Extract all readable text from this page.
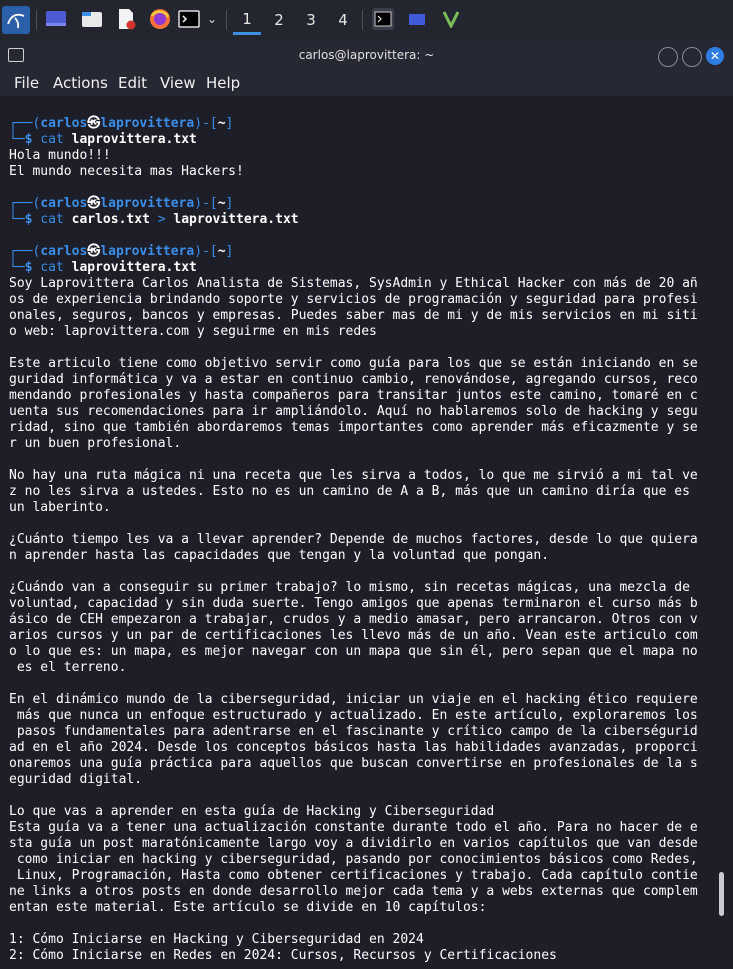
⌄	1	2	3	4
carlos@laprovittera: ~	✕
File Actions Edit View Help
┌──(carlos㉿laprovittera)-[~]
└─$ cat laprovittera.txt
Hola mundo!!!
El mundo necesita mas Hackers!
┌──(carlos㉿laprovittera)-[~]
└─$ cat carlos.txt > laprovittera.txt
┌──(carlos㉿laprovittera)-[~]
└─$ cat laprovittera.txt
Soy Laprovittera Carlos Analista de Sistemas, SysAdmin y Ethical Hacker con más de 20 añ
os de experiencia brindando soporte y servicios de programación y seguridad para profesi
onales, seguros, bancos y empresas. Puedes saber mas de mi y de mis servicios en mi siti
o web: laprovittera.com y seguirme en mis redes
Este articulo tiene como objetivo servir como guía para los que se están iniciando en se
guridad informática y va a estar en continuo cambio, renovándose, agregando cursos, reco
mendando profesionales y hasta compañeros para transitar juntos este camino, tomaré en c
uenta sus recomendaciones para ir ampliándolo. Aquí no hablaremos solo de hacking y segu
ridad, sino que también abordaremos temas importantes como aprender más eficazmente y se
r un buen profesional.
No hay una ruta mágica ni una receta que les sirva a todos, lo que me sirvió a mi tal ve
z no les sirva a ustedes. Esto no es un camino de A a B, más que un camino diría que es
un laberinto.
¿Cuánto tiempo les va a llevar aprender? Depende de muchos factores, desde lo que quiera
n aprender hasta las capacidades que tengan y la voluntad que pongan.
¿Cuándo van a conseguir su primer trabajo? lo mismo, sin recetas mágicas, una mezcla de
voluntad, capacidad y sin duda suerte. Tengo amigos que apenas terminaron el curso más b
ásico de CEH empezaron a trabajar, crudos y a medio amasar, pero arrancaron. Otros con v
arios cursos y un par de certificaciones les llevo más de un año. Vean este articulo com
o lo que es: un mapa, es mejor navegar con un mapa que sin él, pero sepan que el mapa no
es el terreno.
En el dinámico mundo de la ciberseguridad, iniciar un viaje en el hacking ético requiere
más que nunca un enfoque estructurado y actualizado. En este artículo, exploraremos los
pasos fundamentales para adentrarse en el fascinante y crítico campo de la ciberségurid
ad en el año 2024. Desde los conceptos básicos hasta las habilidades avanzadas, proporci
onaremos una guía práctica para aquellos que buscan convertirse en profesionales de la s
eguridad digital.
Lo que vas a aprender en esta guía de Hacking y Ciberseguridad
Esta guía va a tener una actualización constante durante todo el año. Para no hacer de e
sta guía un post maratónicamente largo voy a dividirlo en varios capítulos que van desde
como iniciar en hacking y ciberseguridad, pasando por conocimientos básicos como Redes,
Linux, Programación, Hasta como obtener certificaciones y trabajo. Cada capítulo contie
ne links a otros posts en donde desarrollo mejor cada tema y a webs externas que complem
entan este material. Este artículo se divide en 10 capítulos:
1: Cómo Iniciarse en Hacking y Ciberseguridad en 2024
2: Cómo Iniciarse en Redes en 2024: Cursos, Recursos y Certificaciones
